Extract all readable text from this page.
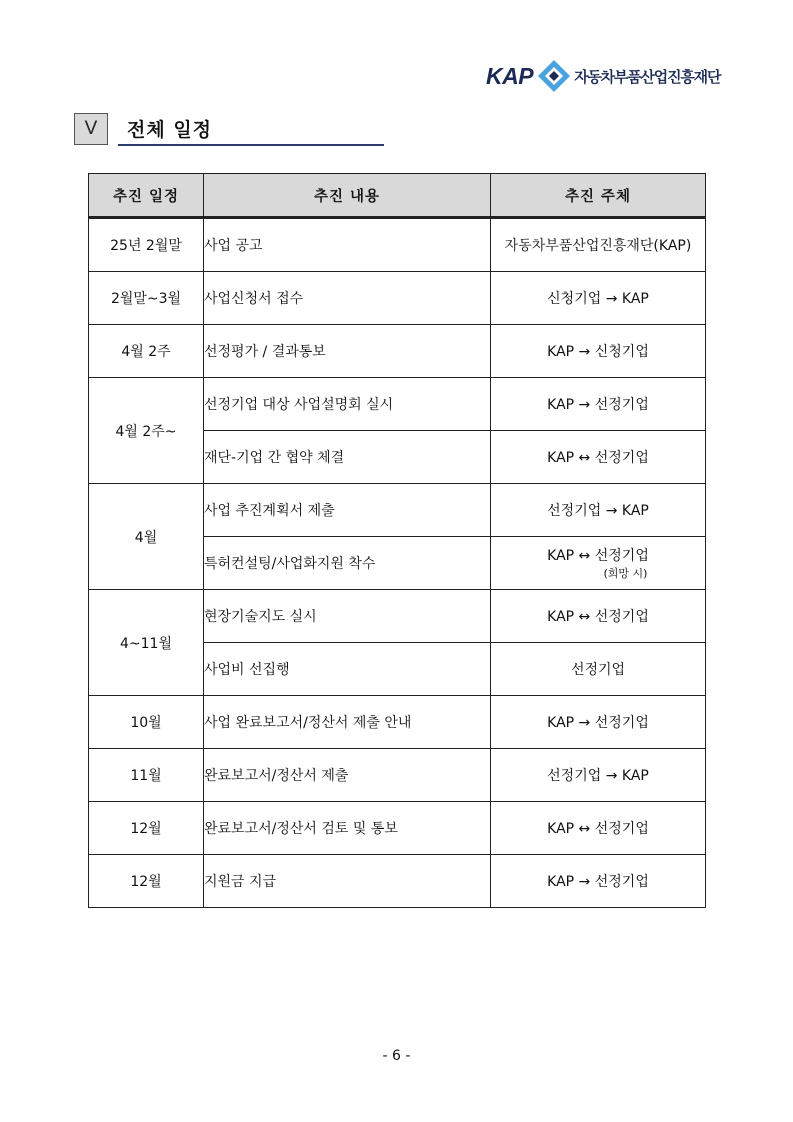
KAP	자동차부품산업진흥재단
V	전체 일정
추진 일정	추진 내용	추진 주체
25년 2월말	사업 공고	자동차부품산업진흥재단(KAP)
2월말~3월	사업신청서 접수	신청기업 → KAP
4월 2주	선정평가 / 결과통보	KAP → 신청기업
4월 2주~	선정기업 대상 사업설명회 실시	KAP → 선정기업
	재단-기업 간 협약 체결	KAP ↔ 선정기업
4월	사업 추진계획서 제출	선정기업 → KAP
	특허컨설팅/사업화지원 착수	KAP ↔ 선정기업
(희망 시)

4~11월	현장기술지도 실시	KAP ↔ 선정기업
	사업비 선집행	선정기업
10월	사업 완료보고서/정산서 제출 안내	KAP → 선정기업
11월	완료보고서/정산서 제출	선정기업 → KAP
12월	완료보고서/정산서 검토 및 통보	KAP ↔ 선정기업
12월	지원금 지급	KAP → 선정기업
- 6 -
